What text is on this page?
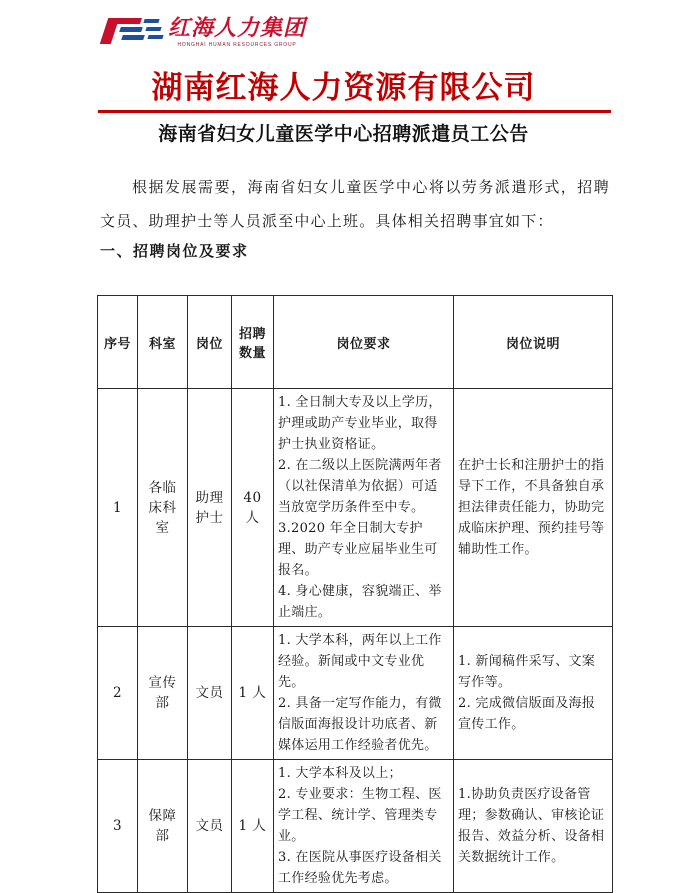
红海人力集团
HONGHAI HUMAN RESOURCES GROUP
湖南红海人力资源有限公司
海南省妇女儿童医学中心招聘派遣员工公告
根据发展需要，海南省妇女儿童医学中心将以劳务派遣形式，招聘文员、助理护士等人员派至中心上班。具体相关招聘事宜如下：
一、招聘岗位及要求
序号	科室	岗位	招聘数量	岗位要求	岗位说明
1	各临床科室	助理护士	40 人	1. 全日制大专及以上学历，护理或助产专业毕业，取得护士执业资格证。
2. 在二级以上医院满两年者（以社保清单为依据）可适当放宽学历条件至中专。
3.2020 年全日制大专护理、助产专业应届毕业生可报名。
4. 身心健康，容貌端正、举止端庄。	在护士长和注册护士的指导下工作，不具备独自承担法律责任能力，协助完成临床护理、预约挂号等辅助性工作。
2	宣传部	文员	1 人	1. 大学本科，两年以上工作经验。新闻或中文专业优先。
2. 具备一定写作能力，有微信版面海报设计功底者、新媒体运用工作经验者优先。	1. 新闻稿件采写、文案写作等。
2. 完成微信版面及海报宣传工作。

3	保障部	文员	1 人	1. 大学本科及以上；
2. 专业要求：生物工程、医学工程、统计学、管理类专业。
3. 在医院从事医疗设备相关工作经验优先考虑。	1.协助负责医疗设备管理；参数确认、审核论证报告、效益分析、设备相关数据统计工作。
